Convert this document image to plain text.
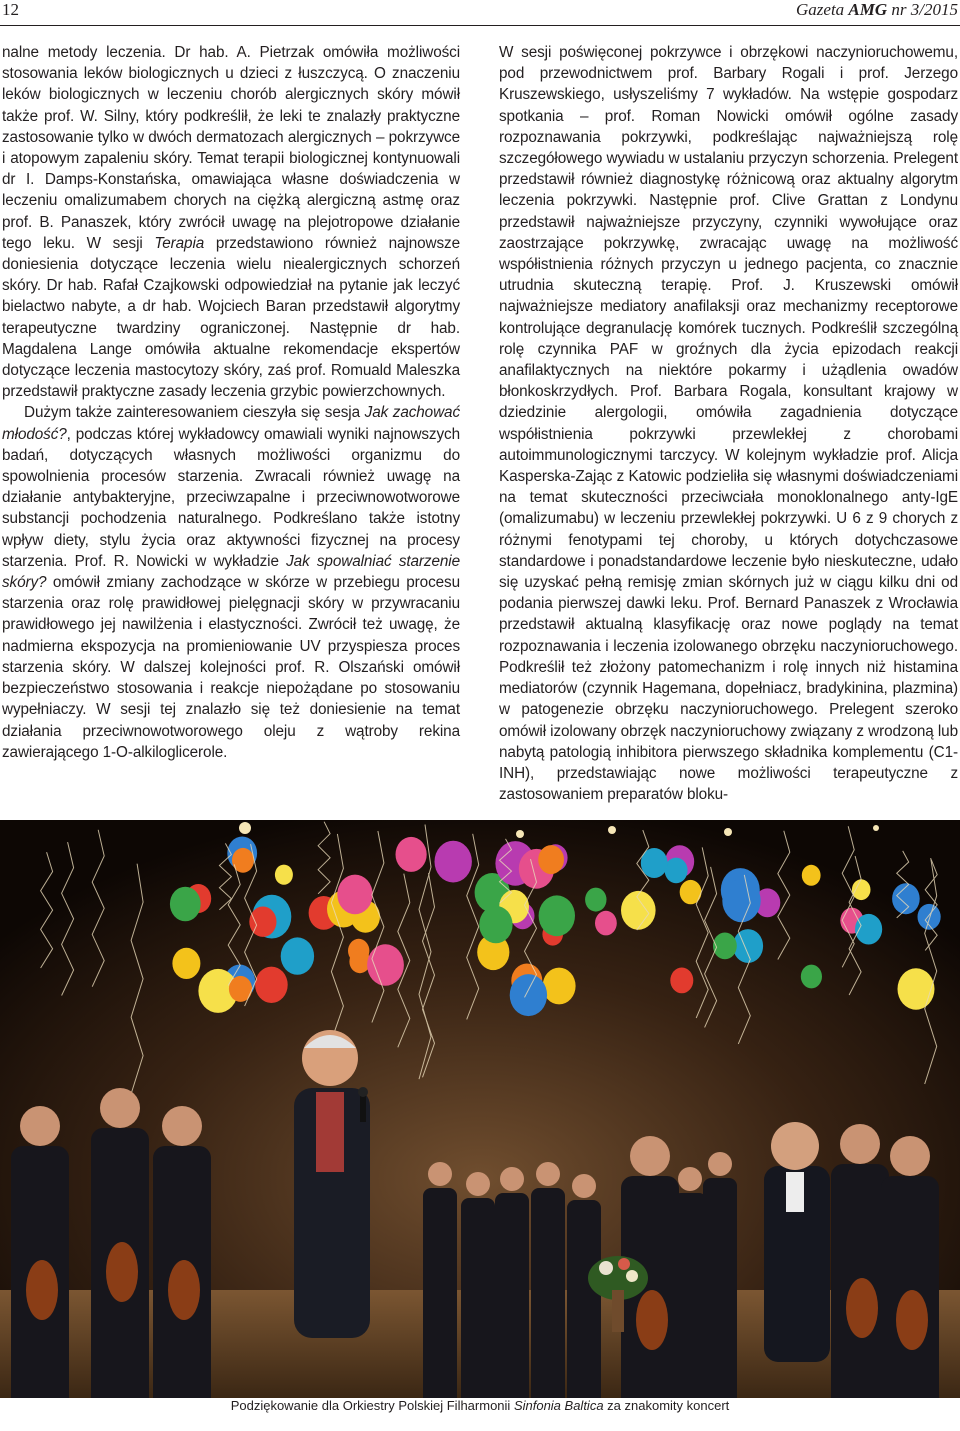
12	Gazeta AMG nr 3/2015

nalne metody leczenia. Dr hab. A. Pietrzak omówiła możliwości stosowania leków biologicznych u dzieci z łuszczycą. O znaczeniu leków biologicznych w leczeniu chorób alergicznych skóry mówił także prof. W. Silny, który podkreślił, że leki te znalazły praktyczne zastosowanie tylko w dwóch dermatozach alergicznych – pokrzywce i atopowym zapaleniu skóry. Temat terapii biologicznej kontynuowali dr I. Damps-Konstańska, omawiająca własne doświadczenia w leczeniu omalizumabem chorych na ciężką alergiczną astmę oraz prof. B. Panaszek, który zwrócił uwagę na plejotropowe działanie tego leku. W sesji Terapia przedstawiono również najnowsze doniesienia dotyczące leczenia wielu niealergicznych schorzeń skóry. Dr hab. Rafał Czajkowski odpowiedział na pytanie jak leczyć bielactwo nabyte, a dr hab. Wojciech Baran przedstawił algorytmy terapeutyczne twardziny ograniczonej. Następnie dr hab. Magdalena Lange omówiła aktualne rekomendacje ekspertów dotyczące leczenia mastocytozy skóry, zaś prof. Romuald Maleszka przedstawił praktyczne zasady leczenia grzybic powierzchownych.

Dużym także zainteresowaniem cieszyła się sesja Jak zachować młodość?, podczas której wykładowcy omawiali wyniki najnowszych badań, dotyczących własnych możliwości organizmu do spowolnienia procesów starzenia. Zwracali również uwagę na działanie antybakteryjne, przeciwzapalne i przeciwnowotworowe substancji pochodzenia naturalnego. Podkreślano także istotny wpływ diety, stylu życia oraz aktywności fizycznej na procesy starzenia. Prof. R. Nowicki w wykładzie Jak spowalniać starzenie skóry? omówił zmiany zachodzące w skórze w przebiegu procesu starzenia oraz rolę prawidłowej pielęgnacji skóry w przywracaniu prawidłowego jej nawilżenia i elastyczności. Zwrócił też uwagę, że nadmierna ekspozycja na promieniowanie UV przyspiesza proces starzenia skóry. W dalszej kolejności prof. R. Olszański omówił bezpieczeństwo stosowania i reakcje niepożądane po stosowaniu wypełniaczy. W sesji tej znalazło się też doniesienie na temat działania przeciwnowotworowego oleju z wątroby rekina zawierającego 1-O-alkiloglicerole.

W sesji poświęconej pokrzywce i obrzękowi naczynioruchowemu, pod przewodnictwem prof. Barbary Rogali i prof. Jerzego Kruszewskiego, usłyszeliśmy 7 wykładów. Na wstępie gospodarz spotkania – prof. Roman Nowicki omówił ogólne zasady rozpoznawania pokrzywki, podkreślając najważniejszą rolę szczegółowego wywiadu w ustalaniu przyczyn schorzenia. Prelegent przedstawił również diagnostykę różnicową oraz aktualny algorytm leczenia pokrzywki. Następnie prof. Clive Grattan z Londynu przedstawił najważniejsze przyczyny, czynniki wywołujące oraz zaostrzające pokrzywkę, zwracając uwagę na możliwość współistnienia różnych przyczyn u jednego pacjenta, co znacznie utrudnia skuteczną terapię. Prof. J. Kruszewski omówił najważniejsze mediatory anafilaksji oraz mechanizmy receptorowe kontrolujące degranulację komórek tucznych. Podkreślił szczególną rolę czynnika PAF w groźnych dla życia epizodach reakcji anafilaktycznych na niektóre pokarmy i użądlenia owadów błonkoskrzydłych. Prof. Barbara Rogala, konsultant krajowy w dziedzinie alergologii, omówiła zagadnienia dotyczące współistnienia pokrzywki przewlekłej z chorobami autoimmunologicznymi tarczycy. W kolejnym wykładzie prof. Alicja Kasperska-Zając z Katowic podzieliła się własnymi doświadczeniami na temat skuteczności przeciwciała monoklonalnego anty-IgE (omalizumabu) w leczeniu przewlekłej pokrzywki. U 6 z 9 chorych z różnymi fenotypami tej choroby, u których dotychczasowe standardowe i ponadstandardowe leczenie było nieskuteczne, udało się uzyskać pełną remisję zmian skórnych już w ciągu kilku dni od podania pierwszej dawki leku. Prof. Bernard Panaszek z Wrocławia przedstawił aktualną klasyfikację oraz nowe poglądy na temat rozpoznawania i leczenia izolowanego obrzęku naczynioruchowego. Podkreślił też złożony patomechanizm i rolę innych niż histamina mediatorów (czynnik Hagemana, dopełniacz, bradykinina, plazmina) w patogenezie obrzęku naczynioruchowego. Prelegent szeroko omówił izolowany obrzęk naczynioruchowy związany z wrodzoną lub nabytą patologią inhibitora pierwszego składnika komplementu (C1-INH), przedstawiając nowe możliwości terapeutyczne z zastosowaniem preparatów bloku-

Podziękowanie dla Orkiestry Polskiej Filharmonii Sinfonia Baltica za znakomity koncert
